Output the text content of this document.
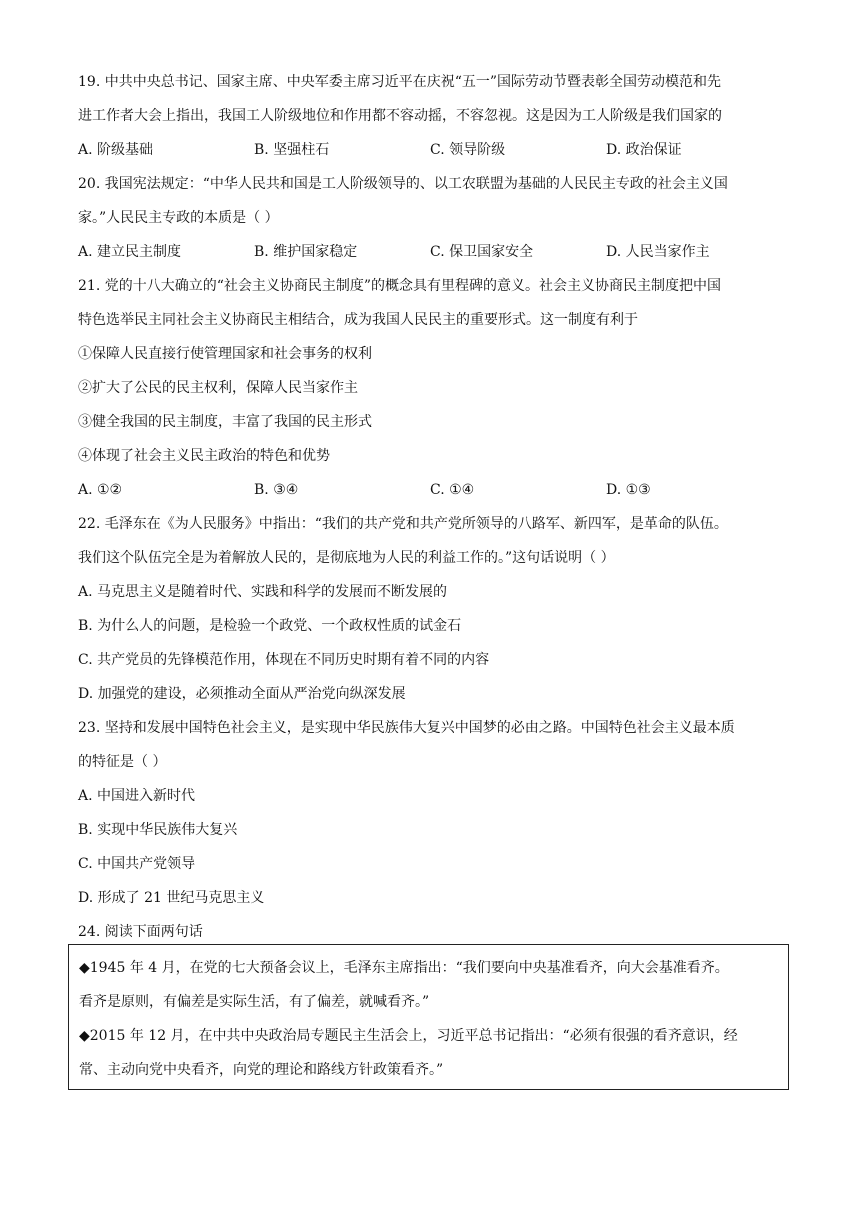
19. 中共中央总书记、国家主席、中央军委主席习近平在庆祝“五一”国际劳动节暨表彰全国劳动模范和先
进工作者大会上指出，我国工人阶级地位和作用都不容动摇，不容忽视。这是因为工人阶级是我们国家的
A. 阶级基础	B. 坚强柱石	C. 领导阶级	D. 政治保证
20. 我国宪法规定：“中华人民共和国是工人阶级领导的、以工农联盟为基础的人民民主专政的社会主义国
家。”人民民主专政的本质是（ ）
A. 建立民主制度	B. 维护国家稳定	C. 保卫国家安全	D. 人民当家作主
21. 党的十八大确立的“社会主义协商民主制度”的概念具有里程碑的意义。社会主义协商民主制度把中国
特色选举民主同社会主义协商民主相结合，成为我国人民民主的重要形式。这一制度有利于
①保障人民直接行使管理国家和社会事务的权利
②扩大了公民的民主权利，保障人民当家作主
③健全我国的民主制度，丰富了我国的民主形式
④体现了社会主义民主政治的特色和优势
A. ①②	B. ③④	C. ①④	D. ①③
22. 毛泽东在《为人民服务》中指出：“我们的共产党和共产党所领导的八路军、新四军，是革命的队伍。
我们这个队伍完全是为着解放人民的，是彻底地为人民的利益工作的。”这句话说明（ ）
A. 马克思主义是随着时代、实践和科学的发展而不断发展的
B. 为什么人的问题，是检验一个政党、一个政权性质的试金石
C. 共产党员的先锋模范作用，体现在不同历史时期有着不同的内容
D. 加强党的建设，必须推动全面从严治党向纵深发展
23. 坚持和发展中国特色社会主义，是实现中华民族伟大复兴中国梦的必由之路。中国特色社会主义最本质
的特征是（ ）
A. 中国进入新时代
B. 实现中华民族伟大复兴
C. 中国共产党领导
D. 形成了 21 世纪马克思主义
24. 阅读下面两句话
◆1945 年 4 月，在党的七大预备会议上，毛泽东主席指出：“我们要向中央基准看齐，向大会基准看齐。
看齐是原则，有偏差是实际生活，有了偏差，就喊看齐。”
◆2015 年 12 月，在中共中央政治局专题民主生活会上，习近平总书记指出：“必须有很强的看齐意识，经
常、主动向党中央看齐，向党的理论和路线方针政策看齐。”
